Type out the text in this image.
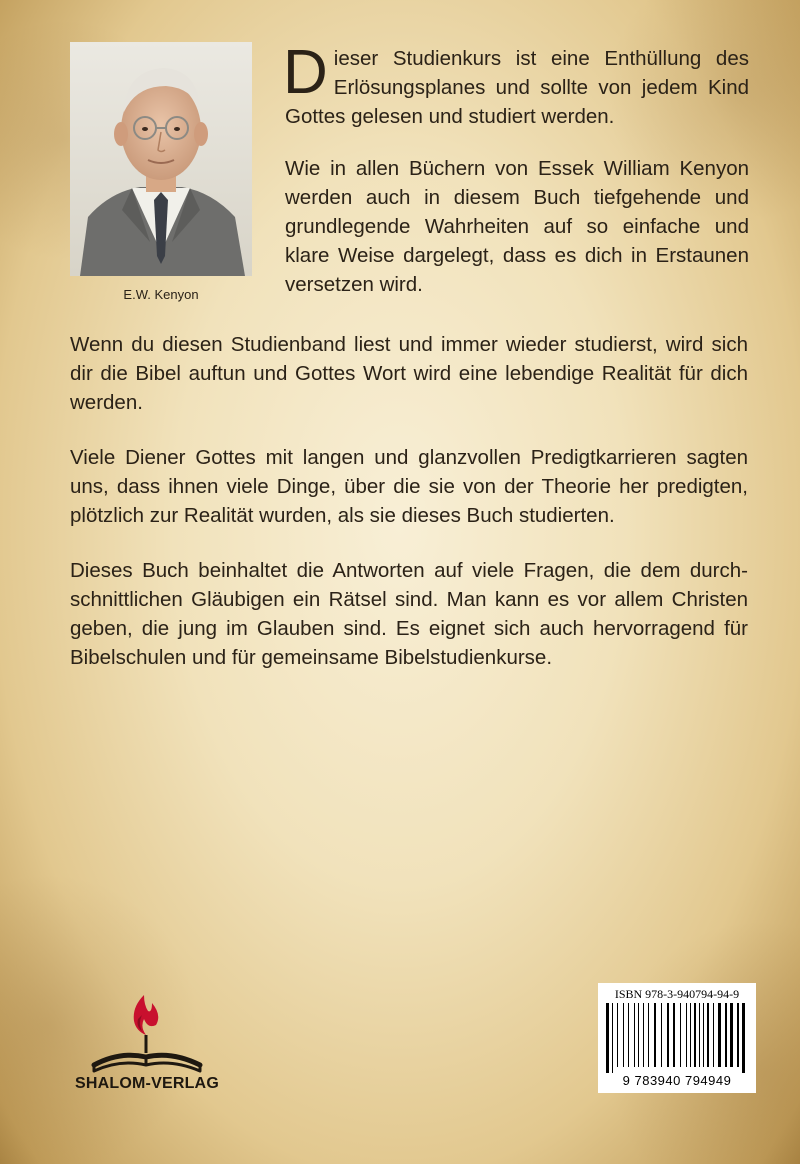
E.W. Kenyon

Dieser Studienkurs ist eine Enthüllung des Erlösungsplanes und sollte von jedem Kind Gottes gelesen und studiert werden.

Wie in allen Büchern von Essek William Kenyon werden auch in diesem Buch tiefgehende und grundlegende Wahrheiten auf so einfache und klare Weise dargelegt, dass es dich in Erstaunen versetzen wird.

Wenn du diesen Studienband liest und immer wieder studierst, wird sich dir die Bibel auftun und Gottes Wort wird eine lebendige Realität für dich werden.

Viele Diener Gottes mit langen und glanzvollen Predigtkarrieren sagten uns, dass ihnen viele Dinge, über die sie von der Theorie her predigten, plötzlich zur Realität wurden, als sie dieses Buch studierten.

Dieses Buch beinhaltet die Antworten auf viele Fragen, die dem durchschnittlichen Gläubigen ein Rätsel sind. Man kann es vor allem Christen geben, die jung im Glauben sind. Es eignet sich auch hervorragend für Bibelschulen und für gemeinsame Bibelstudienkurse.

SHALOM-VERLAG
ISBN 978-3-940794-94-9
9 783940 794949
